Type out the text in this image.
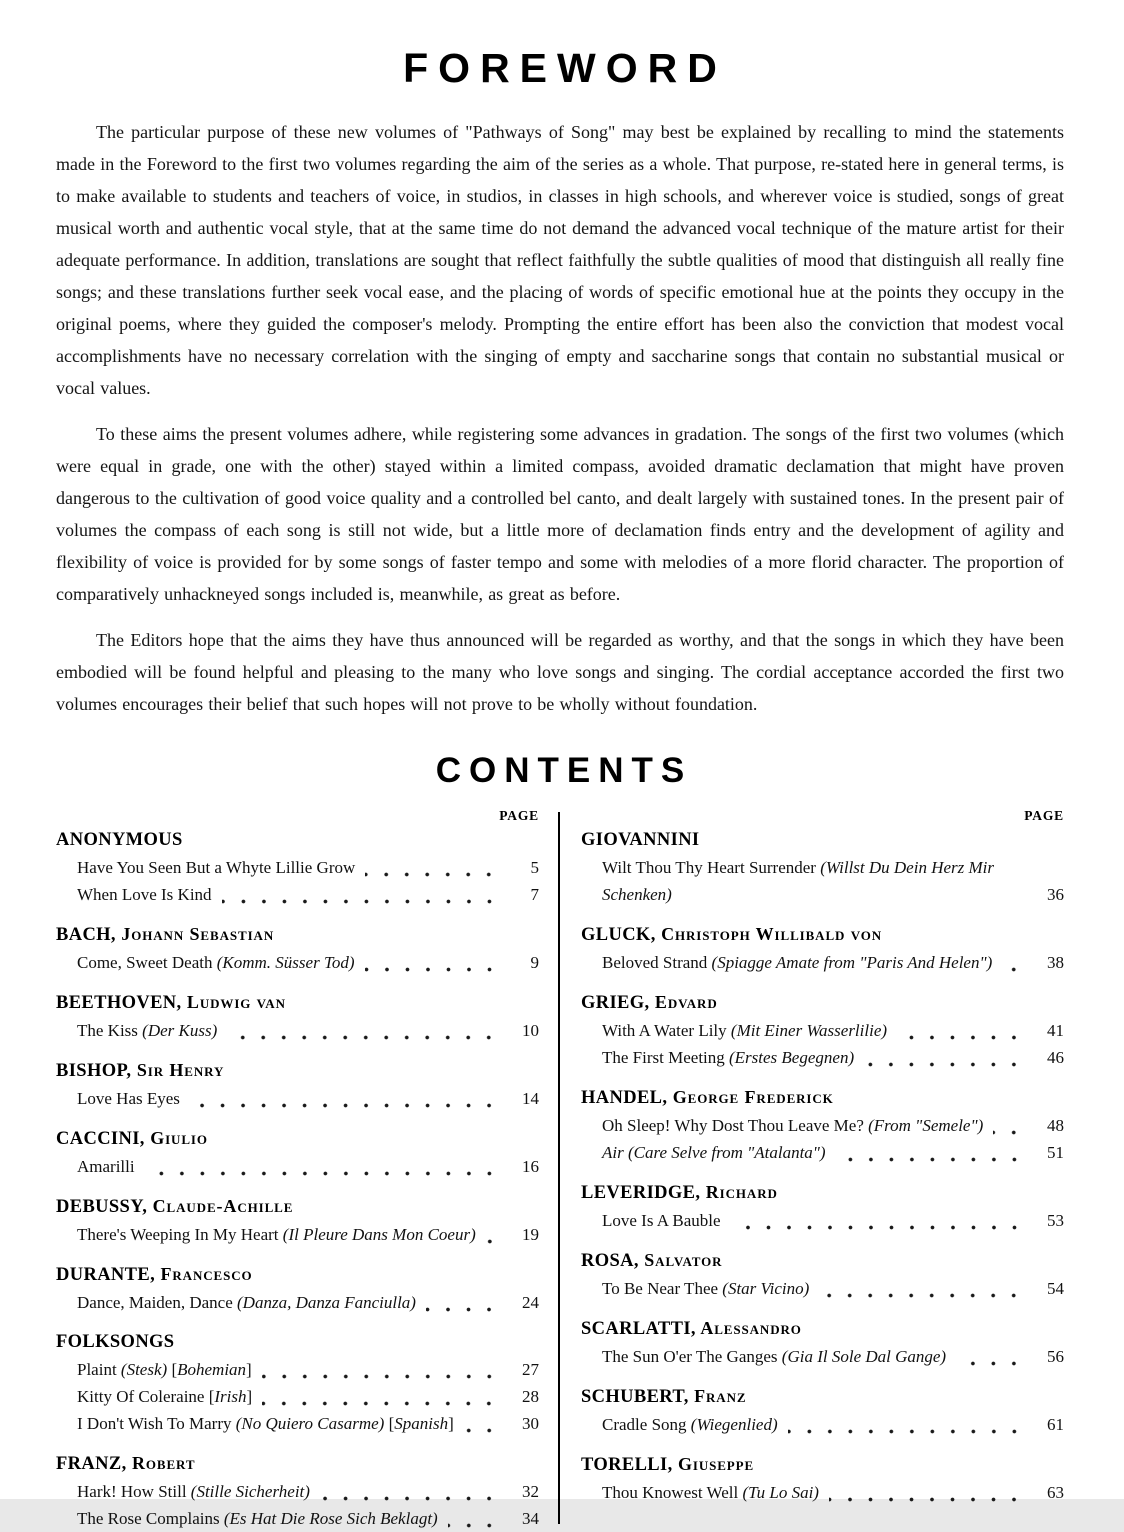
FOREWORD

The particular purpose of these new volumes of "Pathways of Song" may best be explained by recalling to mind the statements made in the Foreword to the first two volumes regarding the aim of the series as a whole. That purpose, re-stated here in general terms, is to make available to students and teachers of voice, in studios, in classes in high schools, and wherever voice is studied, songs of great musical worth and authentic vocal style, that at the same time do not demand the advanced vocal technique of the mature artist for their adequate performance. In addition, translations are sought that reflect faithfully the subtle qualities of mood that distinguish all really fine songs; and these translations further seek vocal ease, and the placing of words of specific emotional hue at the points they occupy in the original poems, where they guided the composer's melody. Prompting the entire effort has been also the conviction that modest vocal accomplishments have no necessary correlation with the singing of empty and saccharine songs that contain no substantial musical or vocal values.

To these aims the present volumes adhere, while registering some advances in gradation. The songs of the first two volumes (which were equal in grade, one with the other) stayed within a limited compass, avoided dramatic declamation that might have proven dangerous to the cultivation of good voice quality and a controlled bel canto, and dealt largely with sustained tones. In the present pair of volumes the compass of each song is still not wide, but a little more of declamation finds entry and the development of agility and flexibility of voice is provided for by some songs of faster tempo and some with melodies of a more florid character. The proportion of comparatively unhackneyed songs included is, meanwhile, as great as before.

The Editors hope that the aims they have thus announced will be regarded as worthy, and that the songs in which they have been embodied will be found helpful and pleasing to the many who love songs and singing. The cordial acceptance accorded the first two volumes encourages their belief that such hopes will not prove to be wholly without foundation.

CONTENTS
PAGE
ANONYMOUS
Have You Seen But a Whyte Lillie Grow	5
When Love Is Kind	7
BACH, Johann Sebastian
Come, Sweet Death (Komm. Süsser Tod)	9
BEETHOVEN, Ludwig van
The Kiss (Der Kuss)	10
BISHOP, Sir Henry
Love Has Eyes	14
CACCINI, Giulio
Amarilli	16
DEBUSSY, Claude-Achille
There's Weeping In My Heart (Il Pleure Dans Mon Coeur)	19
DURANTE, Francesco
Dance, Maiden, Dance (Danza, Danza Fanciulla)	24
FOLKSONGS
Plaint (Stesk) [Bohemian]	27
Kitty Of Coleraine [Irish]	28
I Don't Wish To Marry (No Quiero Casarme) [Spanish]	30
FRANZ, Robert
Hark! How Still (Stille Sicherheit)	32
The Rose Complains (Es Hat Die Rose Sich Beklagt)	34
PAGE
GIOVANNINI
Wilt Thou Thy Heart Surrender (Willst Du Dein Herz Mir Schenken)	36
GLUCK, Christoph Willibald von
Beloved Strand (Spiagge Amate from "Paris And Helen")	38
GRIEG, Edvard
With A Water Lily (Mit Einer Wasserlilie)	41
The First Meeting (Erstes Begegnen)	46
HANDEL, George Frederick
Oh Sleep! Why Dost Thou Leave Me? (From "Semele")	48
Air (Care Selve from "Atalanta")	51
LEVERIDGE, Richard
Love Is A Bauble	53
ROSA, Salvator
To Be Near Thee (Star Vicino)	54
SCARLATTI, Alessandro
The Sun O'er The Ganges (Gia Il Sole Dal Gange)	56
SCHUBERT, Franz
Cradle Song (Wiegenlied)	61
TORELLI, Giuseppe
Thou Knowest Well (Tu Lo Sai)	63
